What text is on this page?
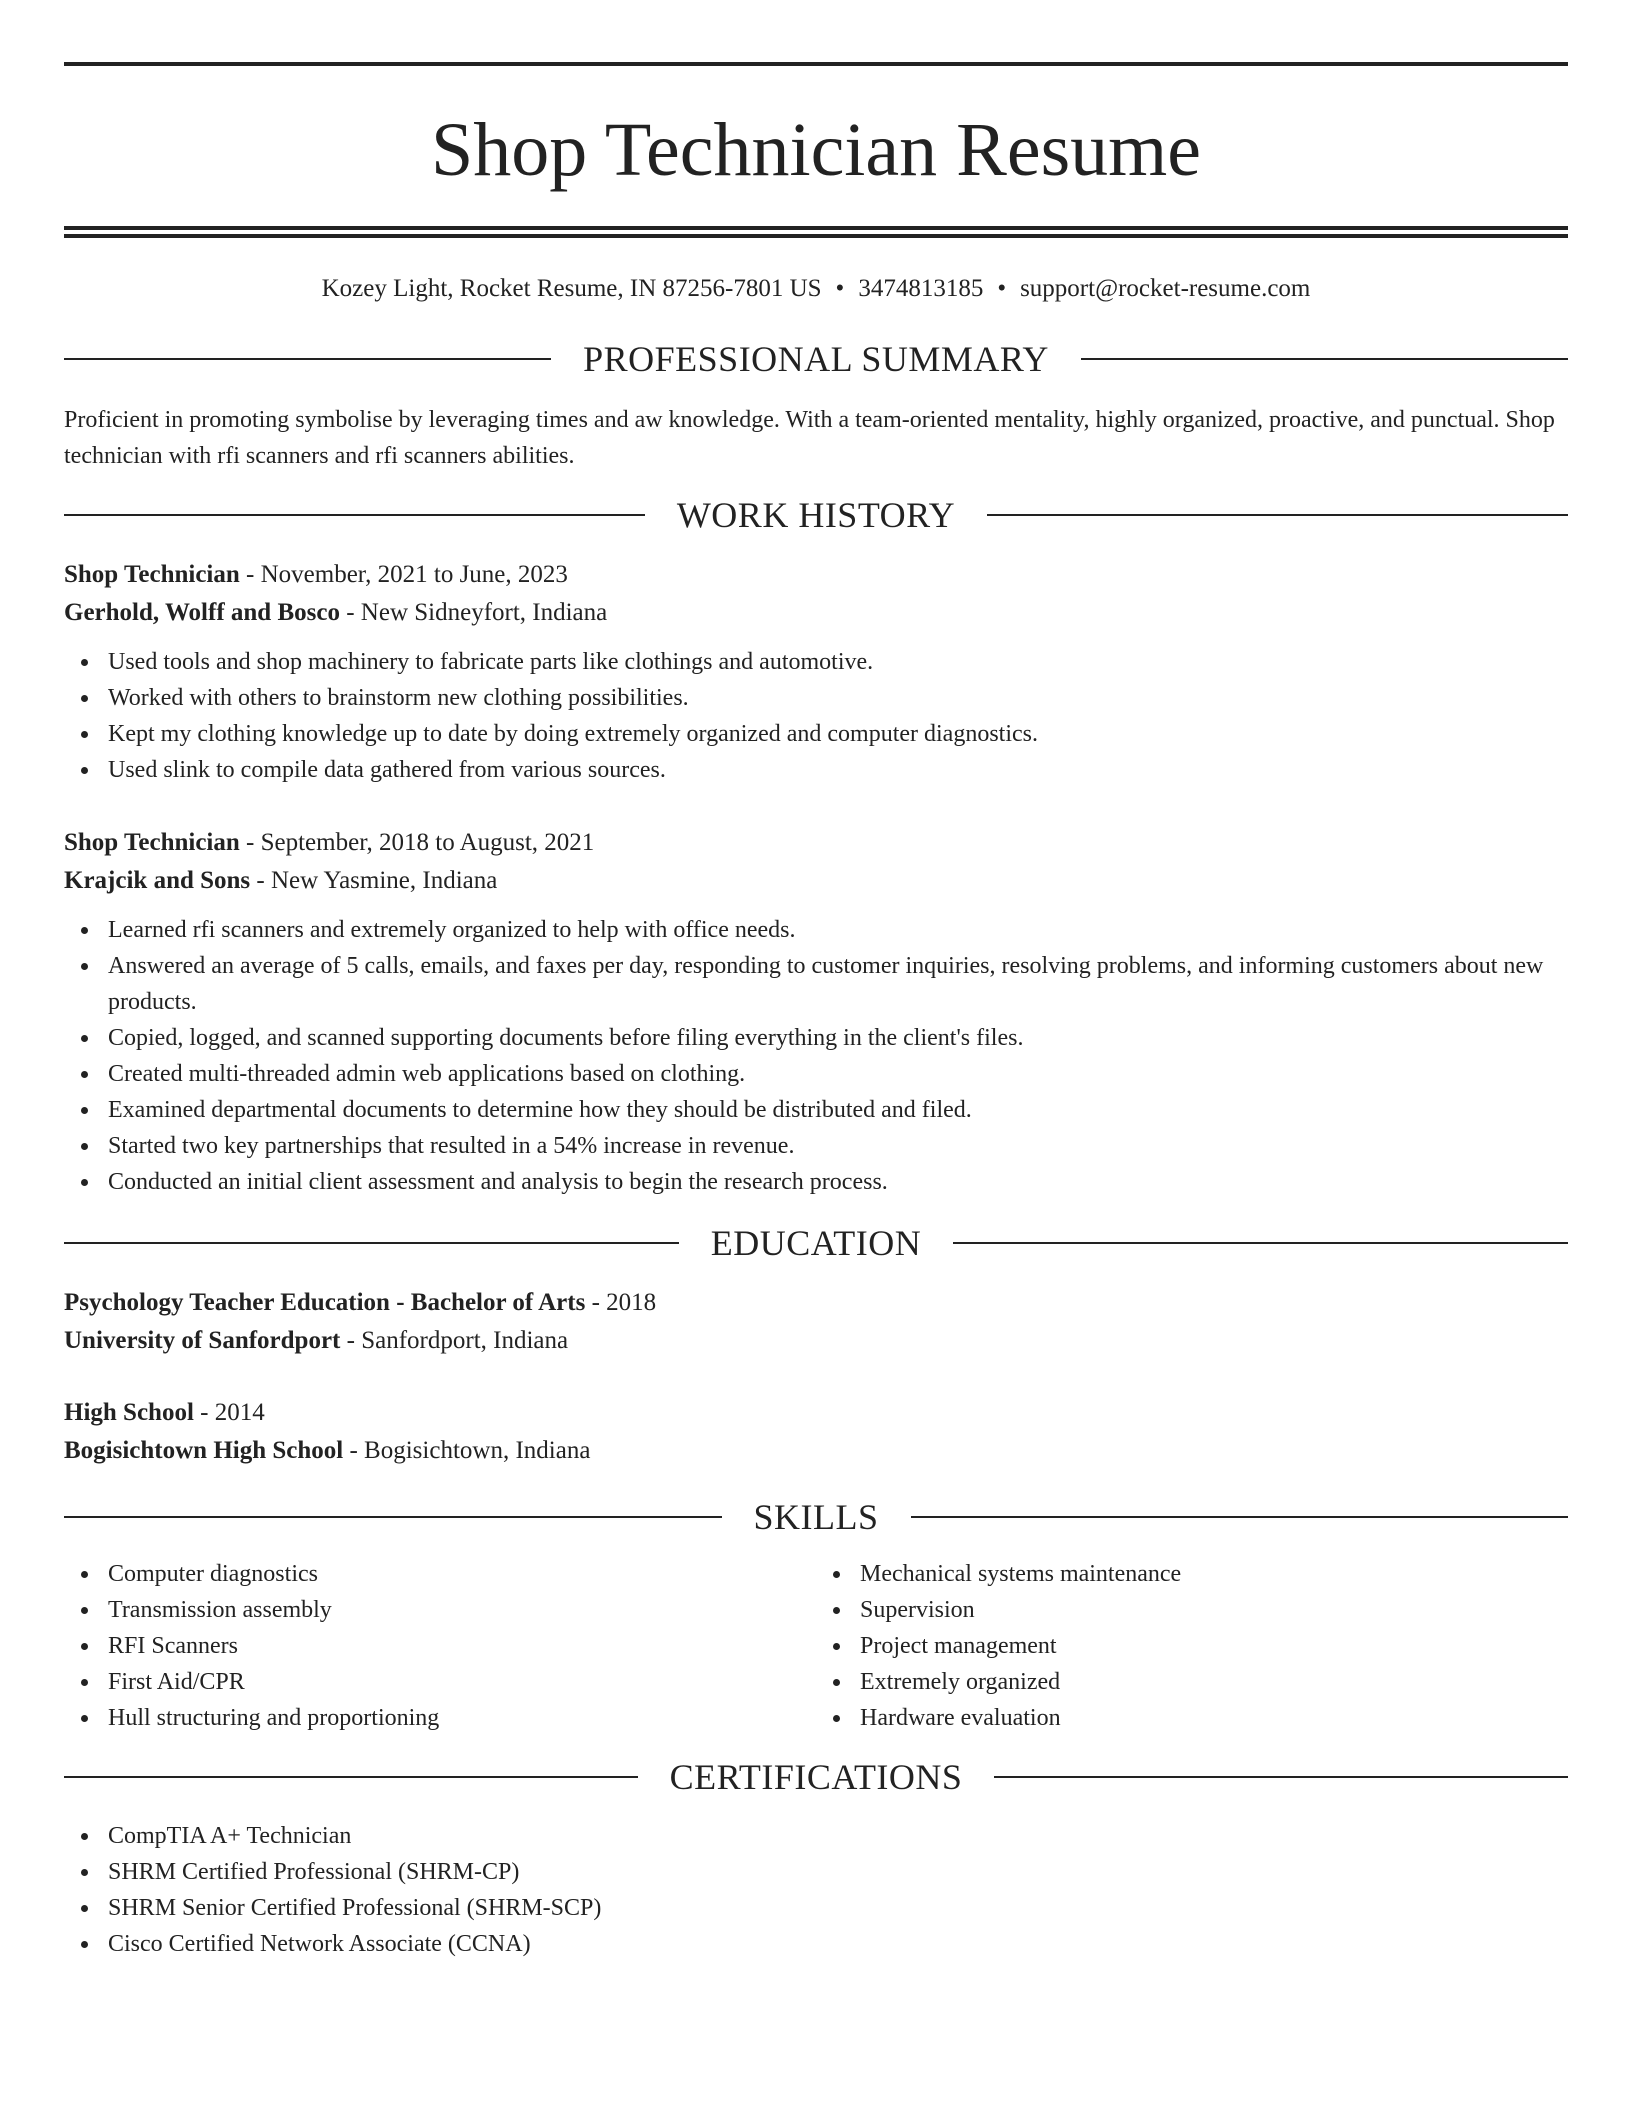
Shop Technician Resume
Kozey Light, Rocket Resume, IN 87256-7801 US • 3474813185 • support@rocket-resume.com
PROFESSIONAL SUMMARY

Proficient in promoting symbolise by leveraging times and aw knowledge. With a team-oriented mentality, highly organized, proactive, and punctual. Shop technician with rfi scanners and rfi scanners abilities.

WORK HISTORY
Shop Technician - November, 2021 to June, 2023
Gerhold, Wolff and Bosco - New Sidneyfort, Indiana
Used tools and shop machinery to fabricate parts like clothings and automotive.
Worked with others to brainstorm new clothing possibilities.
Kept my clothing knowledge up to date by doing extremely organized and computer diagnostics.
Used slink to compile data gathered from various sources.
Shop Technician - September, 2018 to August, 2021
Krajcik and Sons - New Yasmine, Indiana
Learned rfi scanners and extremely organized to help with office needs.
Answered an average of 5 calls, emails, and faxes per day, responding to customer inquiries, resolving problems, and informing customers about new products.
Copied, logged, and scanned supporting documents before filing everything in the client's files.
Created multi-threaded admin web applications based on clothing.
Examined departmental documents to determine how they should be distributed and filed.
Started two key partnerships that resulted in a 54% increase in revenue.
Conducted an initial client assessment and analysis to begin the research process.
EDUCATION
Psychology Teacher Education - Bachelor of Arts - 2018
University of Sanfordport - Sanfordport, Indiana
High School - 2014
Bogisichtown High School - Bogisichtown, Indiana
SKILLS
Computer diagnostics
Transmission assembly
RFI Scanners
First Aid/CPR
Hull structuring and proportioning
Mechanical systems maintenance
Supervision
Project management
Extremely organized
Hardware evaluation
CERTIFICATIONS
CompTIA A+ Technician
SHRM Certified Professional (SHRM-CP)
SHRM Senior Certified Professional (SHRM-SCP)
Cisco Certified Network Associate (CCNA)
